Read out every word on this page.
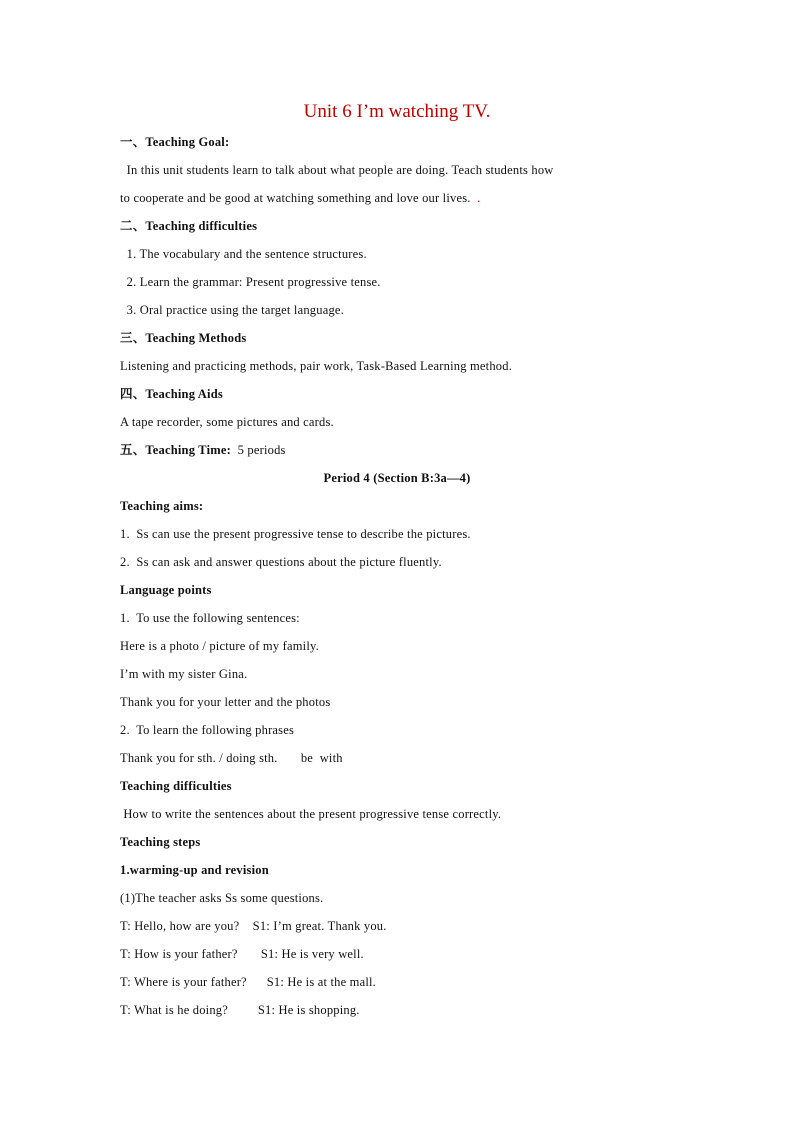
Unit 6 I’m watching TV.
一、Teaching Goal:
In this unit students learn to talk about what people are doing. Teach students how
to cooperate and be good at watching something and love our lives.  .
二、Teaching difficulties
1. The vocabulary and the sentence structures.
2. Learn the grammar: Present progressive tense.
3. Oral practice using the target language.
三、Teaching Methods
Listening and practicing methods, pair work, Task-Based Learning method.
四、Teaching Aids
A tape recorder, some pictures and cards.
五、Teaching Time:  5 periods
Period 4 (Section B:3a—4)
Teaching aims:
1.  Ss can use the present progressive tense to describe the pictures.
2.  Ss can ask and answer questions about the picture fluently.
Language points
1.  To use the following sentences:
Here is a photo / picture of my family.
I’m with my sister Gina.
Thank you for your letter and the photos
2.  To learn the following phrases
Thank you for sth. / doing sth.       be  with
Teaching difficulties
How to write the sentences about the present progressive tense correctly.
Teaching steps
1.warming-up and revision
(1)The teacher asks Ss some questions.
T: Hello, how are you?    S1: I’m great. Thank you.
T: How is your father?       S1: He is very well.
T: Where is your father?      S1: He is at the mall.
T: What is he doing?         S1: He is shopping.
